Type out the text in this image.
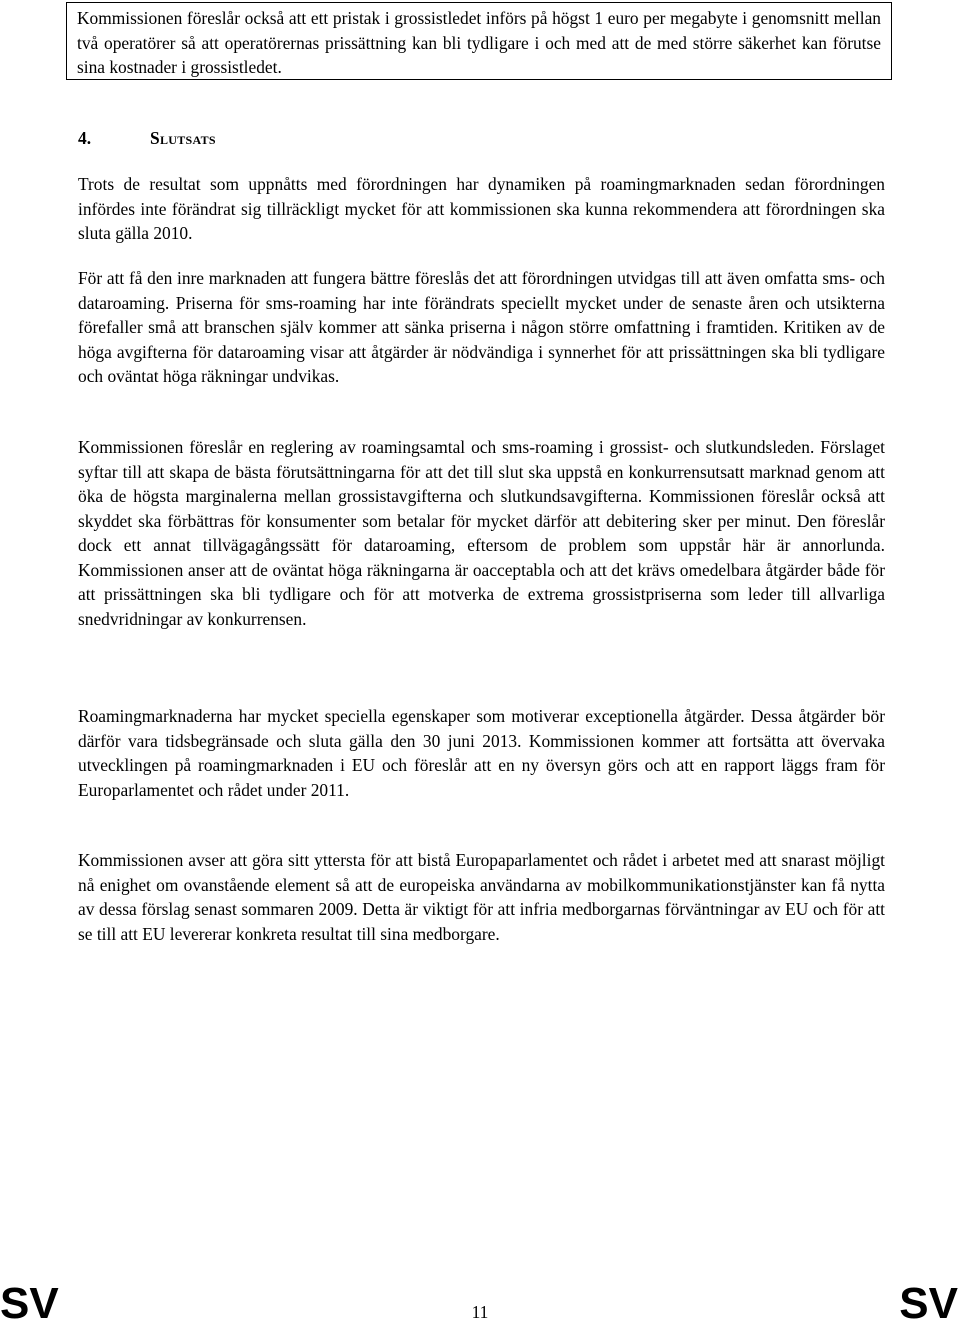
Kommissionen föreslår också att ett pristak i grossistledet införs på högst 1 euro per megabyte i genomsnitt mellan två operatörer så att operatörernas prissättning kan bli tydligare i och med att de med större säkerhet kan förutse sina kostnader i grossistledet.
4.	Slutsats

Trots de resultat som uppnåtts med förordningen har dynamiken på roamingmarknaden sedan förordningen infördes inte förändrat sig tillräckligt mycket för att kommissionen ska kunna rekommendera att förordningen ska sluta gälla 2010.

För att få den inre marknaden att fungera bättre föreslås det att förordningen utvidgas till att även omfatta sms- och dataroaming. Priserna för sms-roaming har inte förändrats speciellt mycket under de senaste åren och utsikterna förefaller små att branschen själv kommer att sänka priserna i någon större omfattning i framtiden. Kritiken av de höga avgifterna för dataroaming visar att åtgärder är nödvändiga i synnerhet för att prissättningen ska bli tydligare och oväntat höga räkningar undvikas.

Kommissionen föreslår en reglering av roamingsamtal och sms-roaming i grossist- och slutkundsleden. Förslaget syftar till att skapa de bästa förutsättningarna för att det till slut ska uppstå en konkurrensutsatt marknad genom att öka de högsta marginalerna mellan grossistavgifterna och slutkundsavgifterna. Kommissionen föreslår också att skyddet ska förbättras för konsumenter som betalar för mycket därför att debitering sker per minut. Den föreslår dock ett annat tillvägagångssätt för dataroaming, eftersom de problem som uppstår här är annorlunda. Kommissionen anser att de oväntat höga räkningarna är oacceptabla och att det krävs omedelbara åtgärder både för att prissättningen ska bli tydligare och för att motverka de extrema grossistpriserna som leder till allvarliga snedvridningar av konkurrensen.

Roamingmarknaderna har mycket speciella egenskaper som motiverar exceptionella åtgärder. Dessa åtgärder bör därför vara tidsbegränsade och sluta gälla den 30 juni 2013. Kommissionen kommer att fortsätta att övervaka utvecklingen på roamingmarknaden i EU och föreslår att en ny översyn görs och att en rapport läggs fram för Europarlamentet och rådet under 2011.

Kommissionen avser att göra sitt yttersta för att bistå Europaparlamentet och rådet i arbetet med att snarast möjligt nå enighet om ovanstående element så att de europeiska användarna av mobilkommunikationstjänster kan få nytta av dessa förslag senast sommaren 2009. Detta är viktigt för att infria medborgarnas förväntningar av EU och för att se till att EU levererar konkreta resultat till sina medborgare.

SV	11	SV
